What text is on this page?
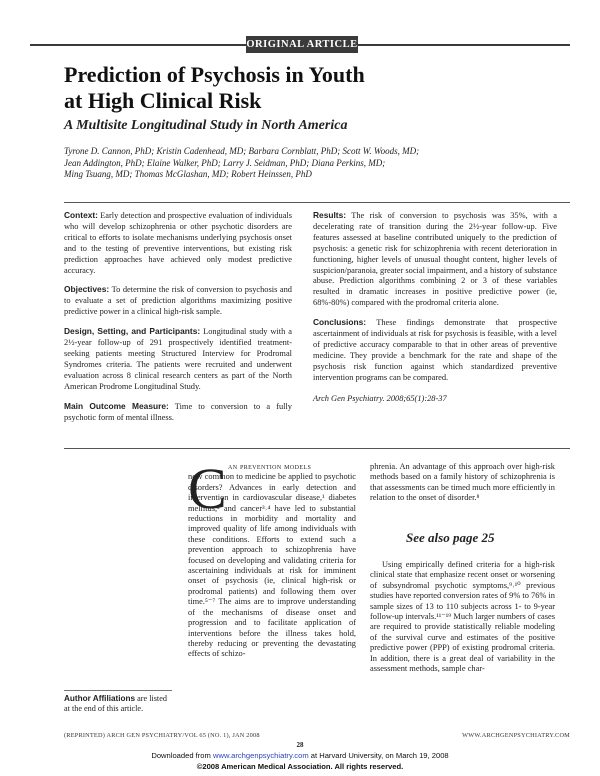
ORIGINAL ARTICLE
Prediction of Psychosis in Youth
at High Clinical Risk
A Multisite Longitudinal Study in North America
Tyrone D. Cannon, PhD; Kristin Cadenhead, MD; Barbara Cornblatt, PhD; Scott W. Woods, MD;
Jean Addington, PhD; Elaine Walker, PhD; Larry J. Seidman, PhD; Diana Perkins, MD;
Ming Tsuang, MD; Thomas McGlashan, MD; Robert Heinssen, PhD

Context: Early detection and prospective evaluation of individuals who will develop schizophrenia or other psychotic disorders are critical to efforts to isolate mechanisms underlying psychosis onset and to the testing of preventive interventions, but existing risk prediction approaches have achieved only modest predictive accuracy.

Objectives: To determine the risk of conversion to psychosis and to evaluate a set of prediction algorithms maximizing positive predictive power in a clinical high-risk sample.

Design, Setting, and Participants: Longitudinal study with a 2½-year follow-up of 291 prospectively identified treatment-seeking patients meeting Structured Interview for Prodromal Syndromes criteria. The patients were recruited and underwent evaluation across 8 clinical research centers as part of the North American Prodrome Longitudinal Study.

Main Outcome Measure: Time to conversion to a fully psychotic form of mental illness.

Results: The risk of conversion to psychosis was 35%, with a decelerating rate of transition during the 2½-year follow-up. Five features assessed at baseline contributed uniquely to the prediction of psychosis: a genetic risk for schizophrenia with recent deterioration in functioning, higher levels of unusual thought content, higher levels of suspicion/paranoia, greater social impairment, and a history of substance abuse. Prediction algorithms combining 2 or 3 of these variables resulted in dramatic increases in positive predictive power (ie, 68%-80%) compared with the prodromal criteria alone.

Conclusions: These findings demonstrate that prospective ascertainment of individuals at risk for psychosis is feasible, with a level of predictive accuracy comparable to that in other areas of preventive medicine. They provide a benchmark for the rate and shape of the psychosis risk function against which standardized preventive intervention programs can be compared.

Arch Gen Psychiatry. 2008;65(1):28-37

C an prevention models
now common to medicine be applied to psychotic disorders? Advances in early detection and intervention in cardiovascular disease,¹ diabetes mellitus,² and cancer³˒⁴ have led to substantial reductions in morbidity and mortality and improved quality of life among individuals with these conditions. Efforts to extend such a prevention approach to schizophrenia have focused on developing and validating criteria for ascertaining individuals at risk for imminent onset of psychosis (ie, clinical high-risk or prodromal patients) and following them over time.⁵⁻⁷ The aims are to improve understanding of the mechanisms of disease onset and progression and to facilitate application of interventions before the illness takes hold, thereby reducing or preventing the devastating effects of schizo-

phrenia. An advantage of this approach over high-risk methods based on a family history of schizophrenia is that assessments can be timed much more efficiently in relation to the onset of disorder.⁸

See also page 25

Using empirically defined criteria for a high-risk clinical state that emphasize recent onset or worsening of subsyndromal psychotic symptoms,⁹˒¹⁰ previous studies have reported conversion rates of 9% to 76% in sample sizes of 13 to 110 subjects across 1- to 9-year follow-up intervals.¹¹⁻¹⁹ Much larger numbers of cases are required to provide statistically reliable modeling of the survival curve and estimates of the positive predictive power (PPP) of existing prodromal criteria. In addition, there is a great deal of variability in the assessment methods, sample char-

Author Affiliations are listed at the end of this article.
(REPRINTED) ARCH GEN PSYCHIATRY/VOL 65 (NO. 1), JAN 2008	WWW.ARCHGENPSYCHIATRY.COM
28
Downloaded from www.archgenpsychiatry.com at Harvard University, on March 19, 2008
©2008 American Medical Association. All rights reserved.
